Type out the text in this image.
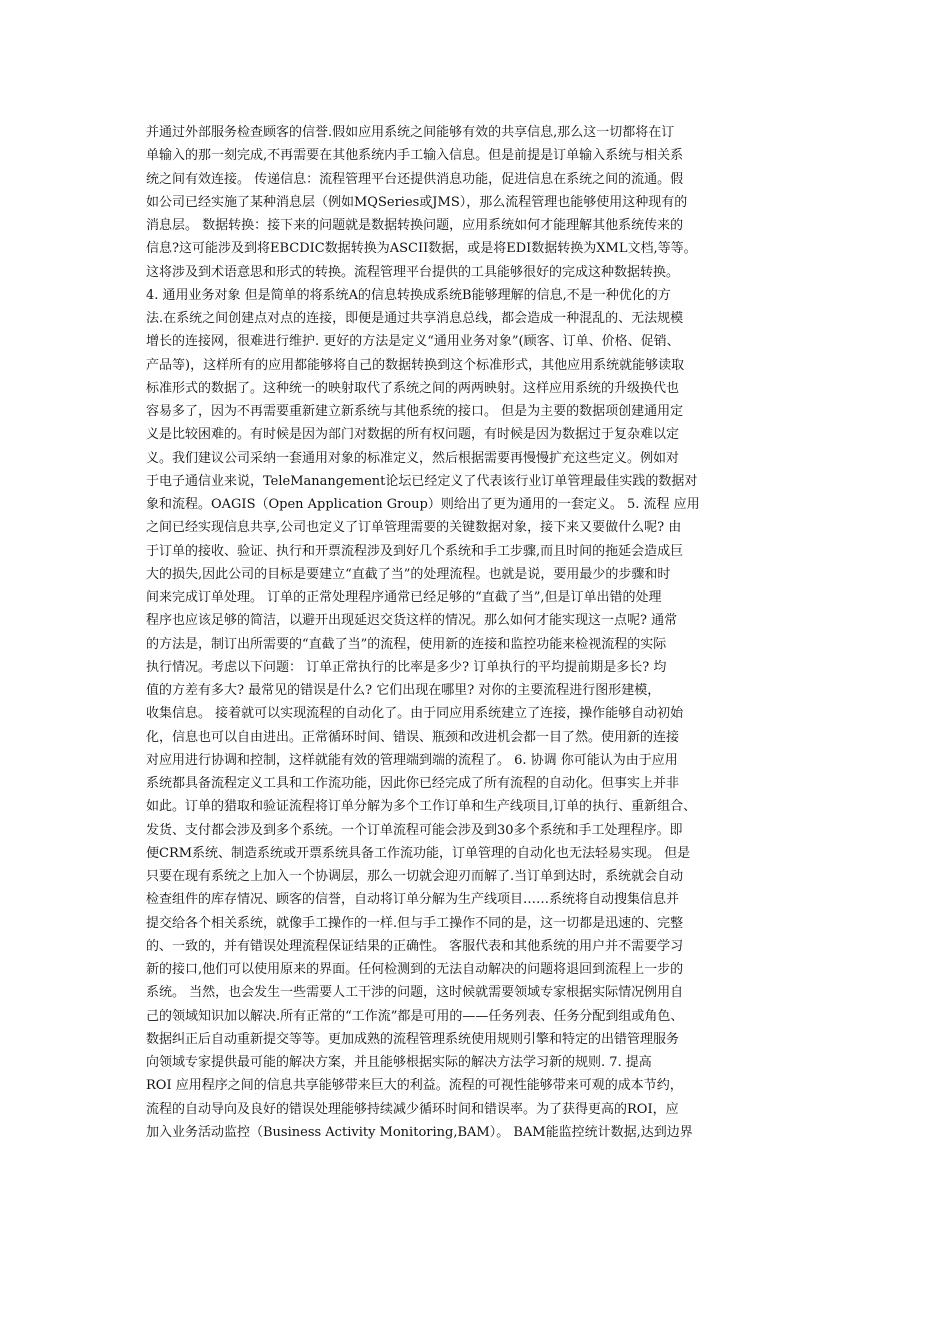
并通过外部服务检查顾客的信誉.假如应用系统之间能够有效的共享信息,那么这一切都将在订
单输入的那一刻完成,不再需要在其他系统内手工输入信息。但是前提是订单输入系统与相关系
统之间有效连接。 传递信息：流程管理平台还提供消息功能，促进信息在系统之间的流通。假
如公司已经实施了某种消息层（例如MQSeries或JMS），那么流程管理也能够使用这种现有的
消息层。 数据转换：接下来的问题就是数据转换问题，应用系统如何才能理解其他系统传来的
信息?这可能涉及到将EBCDIC数据转换为ASCII数据，或是将EDI数据转换为XML文档,等等。
这将涉及到术语意思和形式的转换。流程管理平台提供的工具能够很好的完成这种数据转换。
4. 通用业务对象 但是简单的将系统A的信息转换成系统B能够理解的信息,不是一种优化的方
法.在系统之间创建点对点的连接，即便是通过共享消息总线，都会造成一种混乱的、无法规模
增长的连接网，很难进行维护. 更好的方法是定义“通用业务对象”(顾客、订单、价格、促销、
产品等)，这样所有的应用都能够将自己的数据转换到这个标准形式，其他应用系统就能够读取
标准形式的数据了。这种统一的映射取代了系统之间的两两映射。这样应用系统的升级换代也
容易多了，因为不再需要重新建立新系统与其他系统的接口。 但是为主要的数据项创建通用定
义是比较困难的。有时候是因为部门对数据的所有权问题，有时候是因为数据过于复杂难以定
义。我们建议公司采纳一套通用对象的标准定义，然后根据需要再慢慢扩充这些定义。例如对
于电子通信业来说，TeleManangement论坛已经定义了代表该行业订单管理最佳实践的数据对
象和流程。OAGIS（Open Application Group）则给出了更为通用的一套定义。 5. 流程 应用
之间已经实现信息共享,公司也定义了订单管理需要的关键数据对象，接下来又要做什么呢? 由
于订单的接收、验证、执行和开票流程涉及到好几个系统和手工步骤,而且时间的拖延会造成巨
大的损失,因此公司的目标是要建立“直截了当”的处理流程。也就是说，要用最少的步骤和时
间来完成订单处理。 订单的正常处理程序通常已经足够的“直截了当”,但是订单出错的处理
程序也应该足够的简洁，以避开出现延迟交货这样的情况。那么如何才能实现这一点呢? 通常
的方法是，制订出所需要的“直截了当”的流程，使用新的连接和监控功能来检视流程的实际
执行情况。考虑以下问题： 订单正常执行的比率是多少? 订单执行的平均提前期是多长? 均
值的方差有多大? 最常见的错误是什么? 它们出现在哪里? 对你的主要流程进行图形建模，
收集信息。 接着就可以实现流程的自动化了。由于同应用系统建立了连接，操作能够自动初始
化，信息也可以自由进出。正常循环时间、错误、瓶颈和改进机会都一目了然。使用新的连接
对应用进行协调和控制，这样就能有效的管理端到端的流程了。 6. 协调 你可能认为由于应用
系统都具备流程定义工具和工作流功能，因此你已经完成了所有流程的自动化。但事实上并非
如此。订单的猎取和验证流程将订单分解为多个工作订单和生产线项目,订单的执行、重新组合、
发货、支付都会涉及到多个系统。一个订单流程可能会涉及到30多个系统和手工处理程序。即
便CRM系统、制造系统或开票系统具备工作流功能，订单管理的自动化也无法轻易实现。 但是
只要在现有系统之上加入一个协调层，那么一切就会迎刃而解了.当订单到达时，系统就会自动
检查组件的库存情况、顾客的信誉，自动将订单分解为生产线项目……系统将自动搜集信息并
提交给各个相关系统，就像手工操作的一样.但与手工操作不同的是，这一切都是迅速的、完整
的、一致的，并有错误处理流程保证结果的正确性。 客服代表和其他系统的用户并不需要学习
新的接口,他们可以使用原来的界面。任何检测到的无法自动解决的问题将退回到流程上一步的
系统。 当然，也会发生一些需要人工干涉的问题，这时候就需要领域专家根据实际情况例用自
己的领域知识加以解决.所有正常的“工作流”都是可用的——任务列表、任务分配到组或角色、
数据纠正后自动重新提交等等。更加成熟的流程管理系统使用规则引擎和特定的出错管理服务
向领域专家提供最可能的解决方案，并且能够根据实际的解决方法学习新的规则. 7. 提高
ROI 应用程序之间的信息共享能够带来巨大的利益。流程的可视性能够带来可观的成本节约，
流程的自动导向及良好的错误处理能够持续减少循环时间和错误率。为了获得更高的ROI，应
加入业务活动监控（Business Activity Monitoring,BAM）。 BAM能监控统计数据,达到边界
